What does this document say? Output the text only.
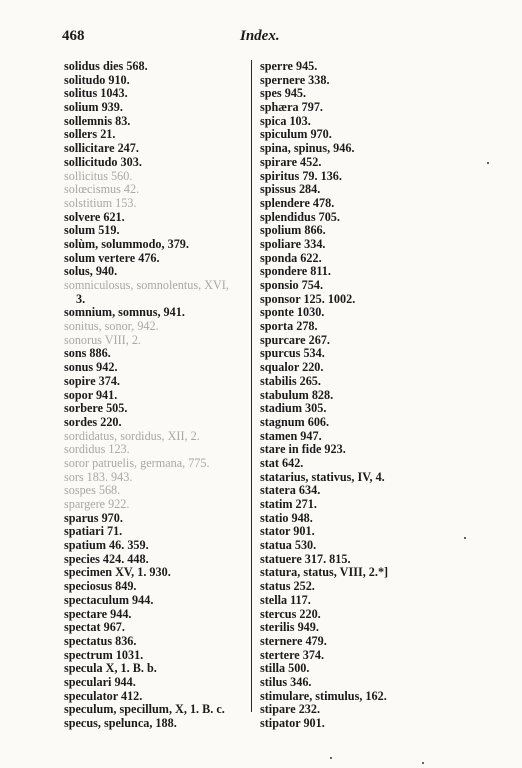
468	Index.
solidus dies 568.
solitudo 910.
solitus 1043.
solium 939.
sollemnis 83.
sollers 21.
sollicitare 247.
sollicitudo 303.
sollicitus 560.
solœcismus 42.
solstitium 153.
solvere 621.
solum 519.
solùm, solummodo, 379.
solum vertere 476.
solus, 940.
somniculosus, somnolentus, XVI,
3.
somnium, somnus, 941.
sonitus, sonor, 942.
sonorus VIII, 2.
sons 886.
sonus 942.
sopire 374.
sopor 941.
sorbere 505.
sordes 220.
sordidatus, sordidus, XII, 2.
sordidus 123.
soror patruelis, germana, 775.
sors 183. 943.
sospes 568.
spargere 922.
sparus 970.
spatiari 71.
spatium 46. 359.
species 424. 448.
specimen XV, 1. 930.
speciosus 849.
spectaculum 944.
spectare 944.
spectat 967.
spectatus 836.
spectrum 1031.
specula X, 1. B. b.
speculari 944.
speculator 412.
speculum, specillum, X, 1. B. c.
specus, spelunca, 188.
sperre 945.
spernere 338.
spes 945.
sphæra 797.
spica 103.
spiculum 970.
spina, spinus, 946.
spirare 452.
spiritus 79. 136.
spissus 284.
splendere 478.
splendidus 705.
spolium 866.
spoliare 334.
sponda 622.
spondere 811.
sponsio 754.
sponsor 125. 1002.
sponte 1030.
sporta 278.
spurcare 267.
spurcus 534.
squalor 220.
stabilis 265.
stabulum 828.
stadium 305.
stagnum 606.
stamen 947.
stare in fide 923.
stat 642.
statarius, stativus, IV, 4.
statera 634.
statim 271.
statio 948.
stator 901.
statua 530.
statuere 317. 815.
statura, status, VIII, 2.*]
status 252.
stella 117.
stercus 220.
sterilis 949.
sternere 479.
stertere 374.
stilla 500.
stilus 346.
stimulare, stimulus, 162.
stipare 232.
stipator 901.
